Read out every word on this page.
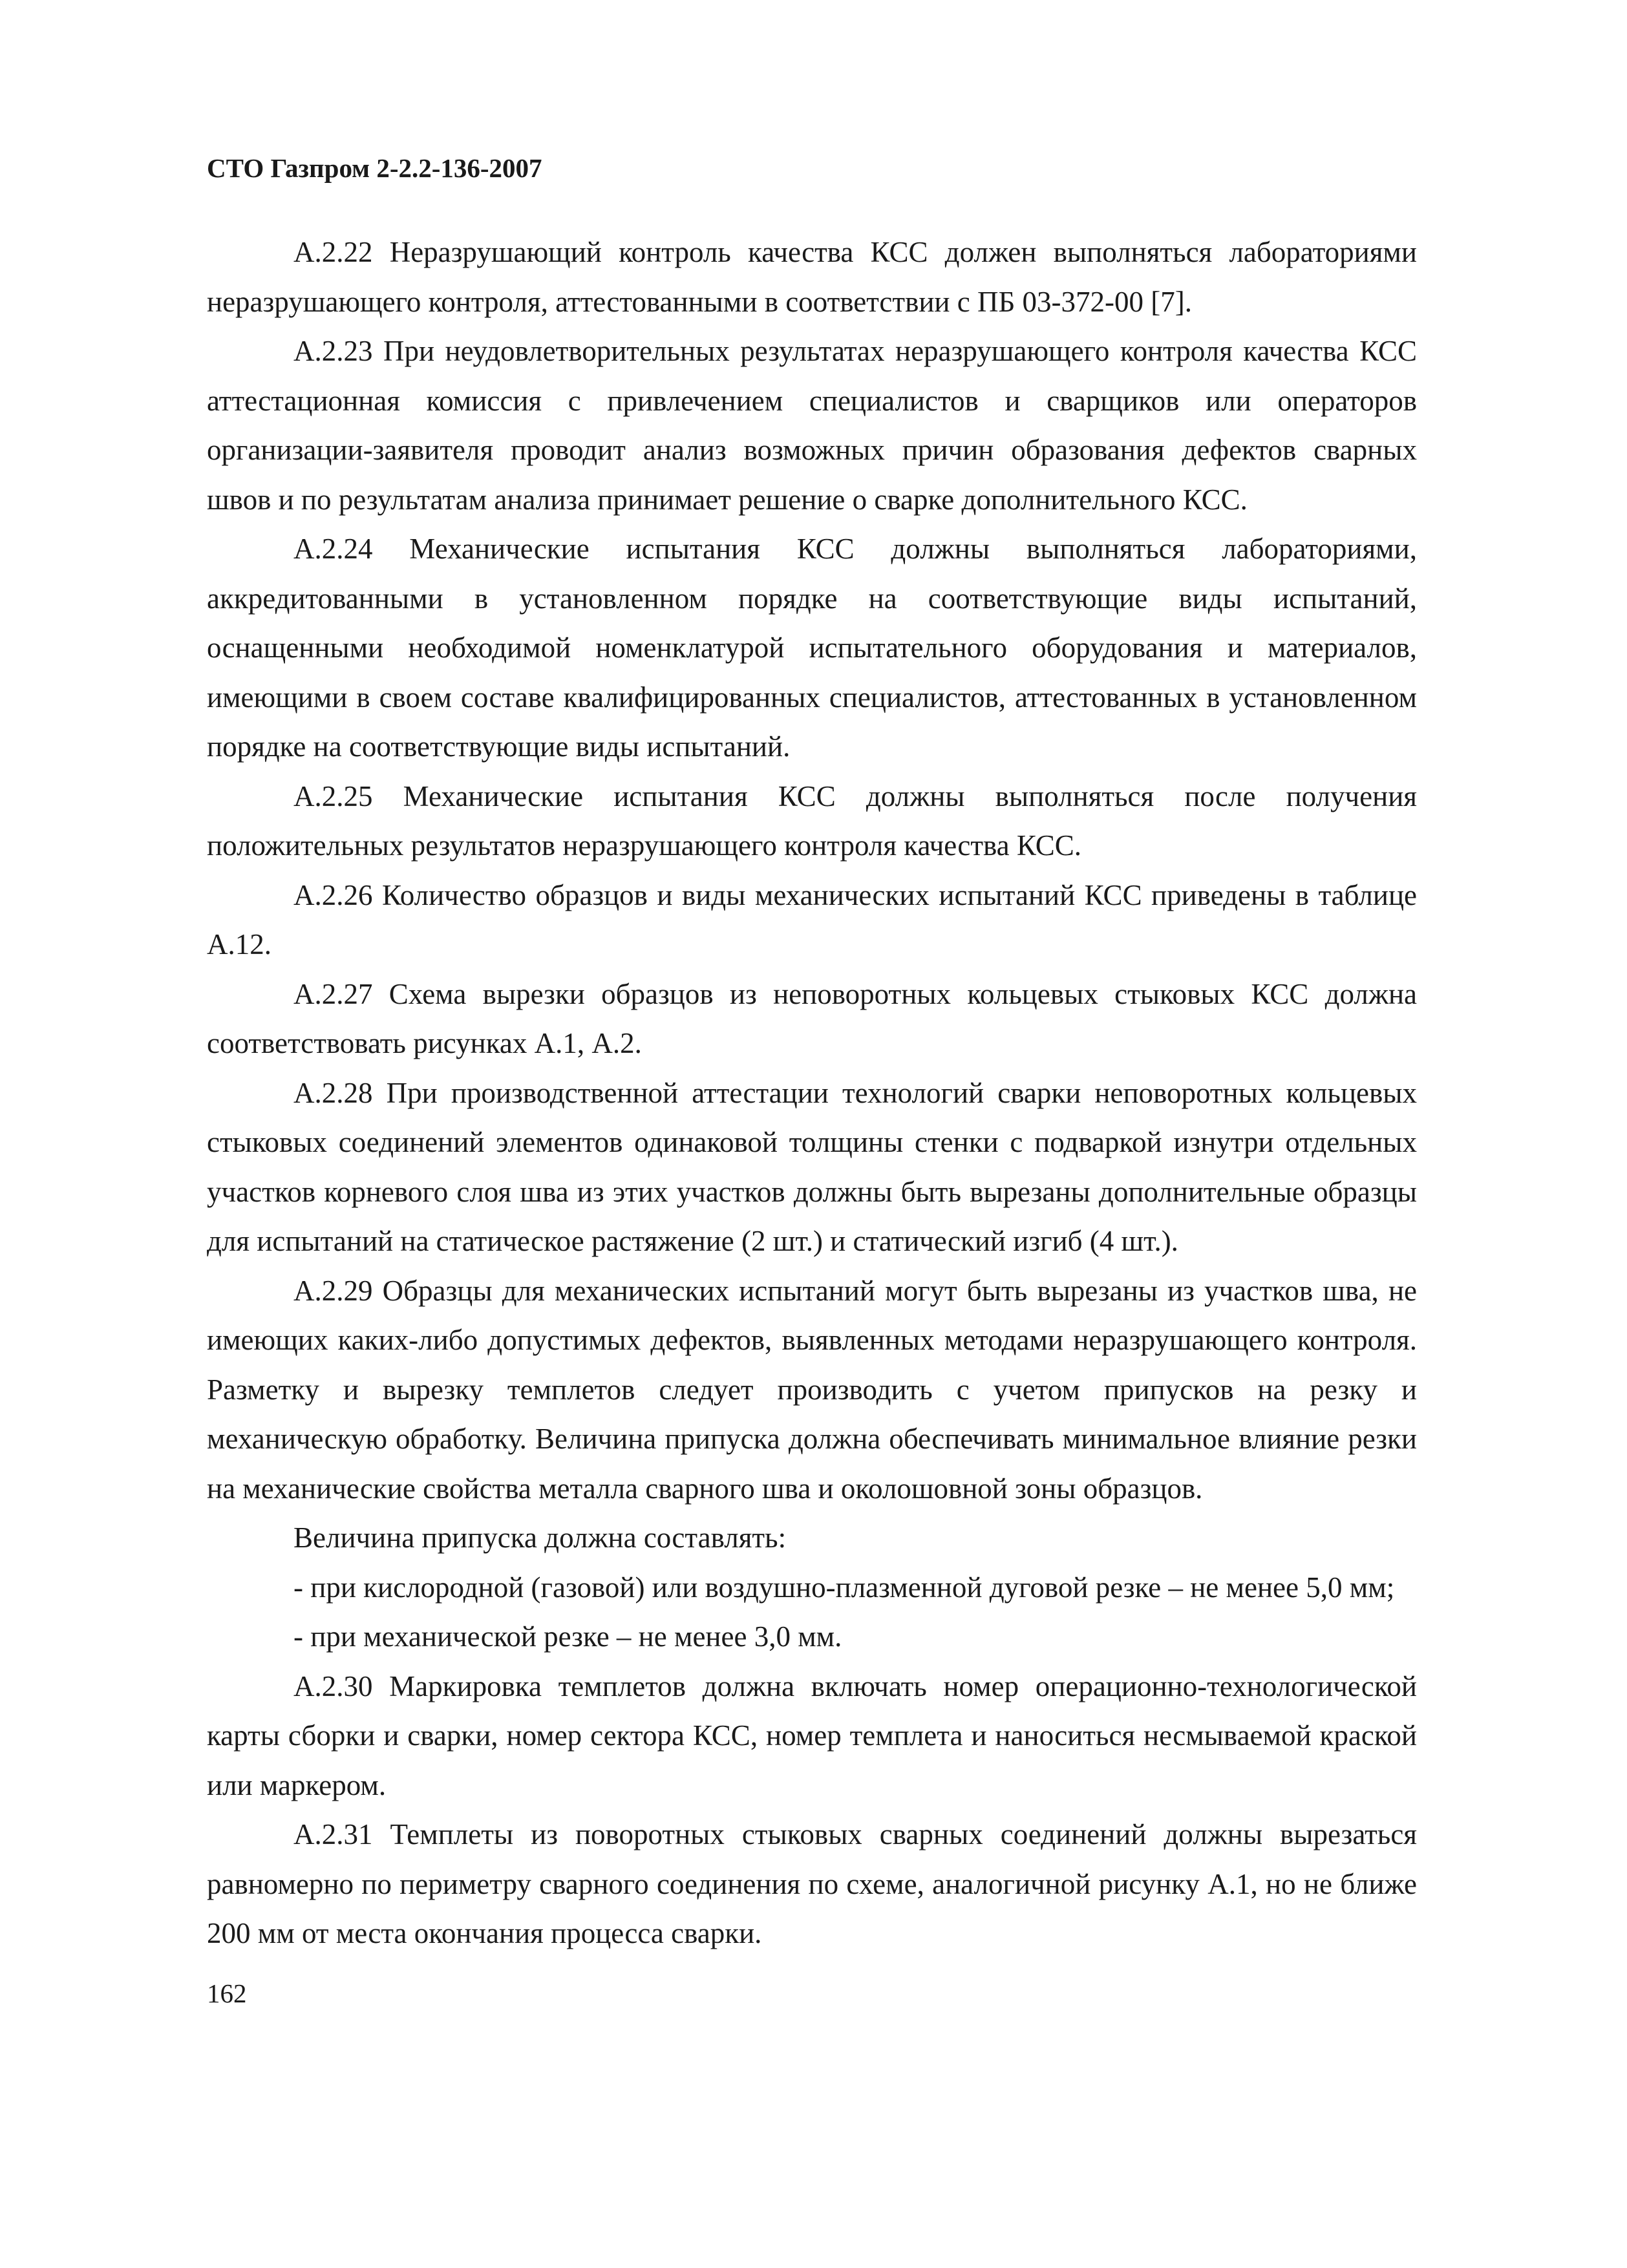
СТО Газпром 2-2.2-136-2007

А.2.22 Неразрушающий контроль качества КСС должен выполняться лабораториями неразрушающего контроля, аттестованными в соответствии с ПБ 03-372-00 [7].

А.2.23 При неудовлетворительных результатах неразрушающего контроля качества КСС аттестационная комиссия с привлечением специалистов и сварщиков или операторов организации-заявителя проводит анализ возможных причин образования дефектов сварных швов и по результатам анализа принимает решение о сварке дополнительного КСС.

А.2.24 Механические испытания КСС должны выполняться лабораториями, аккредитованными в установленном порядке на соответствующие виды испытаний, оснащенными необходимой номенклатурой испытательного оборудования и материалов, имеющими в своем составе квалифицированных специалистов, аттестованных в установленном порядке на соответствующие виды испытаний.

А.2.25 Механические испытания КСС должны выполняться после получения положительных результатов неразрушающего контроля качества КСС.

А.2.26 Количество образцов и виды механических испытаний КСС приведены в таблице А.12.

А.2.27 Схема вырезки образцов из неповоротных кольцевых стыковых КСС должна соответствовать рисунках А.1, А.2.

А.2.28 При производственной аттестации технологий сварки неповоротных кольцевых стыковых соединений элементов одинаковой толщины стенки с подваркой изнутри отдельных участков корневого слоя шва из этих участков должны быть вырезаны дополнительные образцы для испытаний на статическое растяжение (2 шт.) и статический изгиб (4 шт.).

А.2.29 Образцы для механических испытаний могут быть вырезаны из участков шва, не имеющих каких-либо допустимых дефектов, выявленных методами неразрушающего контроля. Разметку и вырезку темплетов следует производить с учетом припусков на резку и механическую обработку. Величина припуска должна обеспечивать минимальное влияние резки на механические свойства металла сварного шва и околошовной зоны образцов.

Величина припуска должна составлять:

- при кислородной (газовой) или воздушно-плазменной дуговой резке – не менее 5,0 мм;

- при механической резке – не менее 3,0 мм.

А.2.30 Маркировка темплетов должна включать номер операционно-технологической карты сборки и сварки, номер сектора КСС, номер темплета и наноситься несмываемой краской или маркером.

А.2.31 Темплеты из поворотных стыковых сварных соединений должны вырезаться равномерно по периметру сварного соединения по схеме, аналогичной рисунку А.1, но не ближе 200 мм от места окончания процесса сварки.

162
